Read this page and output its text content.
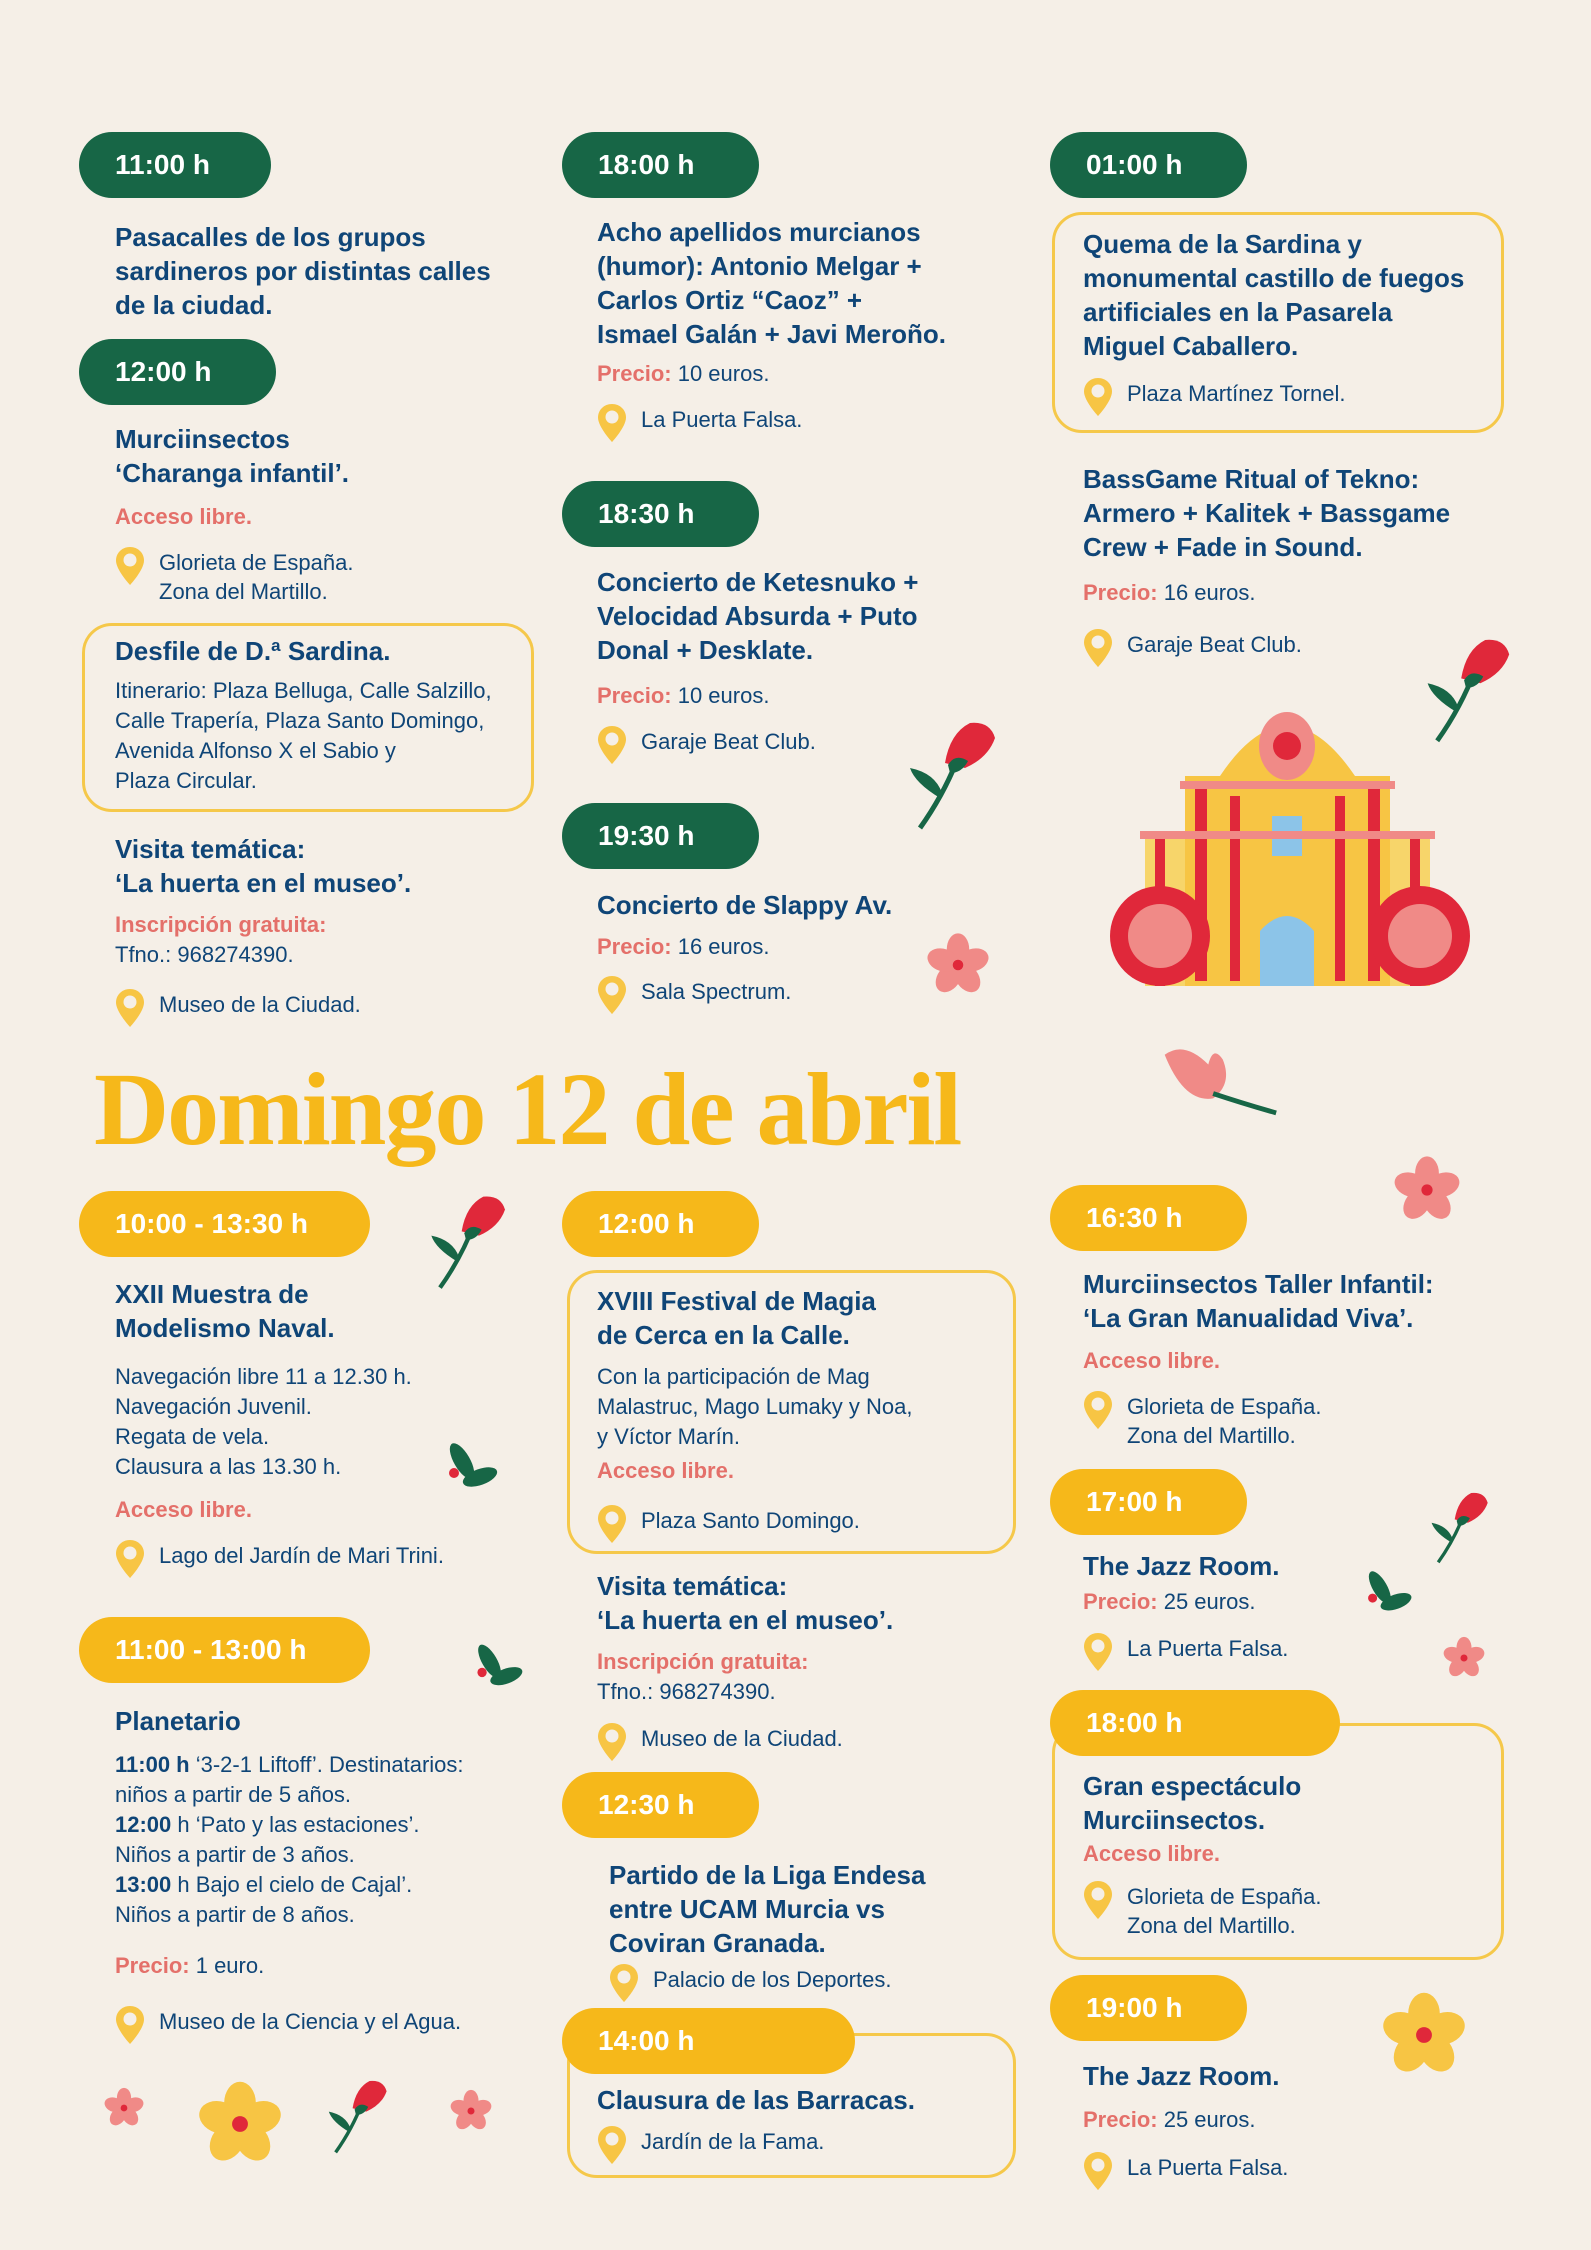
11:00 h

Pasacalles de los grupos
sardineros por distintas calles
de la ciudad.

12:00 h

Murciinsectos
‘Charanga infantil’.

Acceso libre.

Glorieta de España.
Zona del Martillo.

Desfile de D.ª Sardina.

Itinerario: Plaza Belluga, Calle Salzillo,
Calle Trapería, Plaza Santo Domingo,
Avenida Alfonso X el Sabio y
Plaza Circular.

Visita temática:
‘La huerta en el museo’.

Inscripción gratuita:

Tfno.: 968274390.

Museo de la Ciudad.
18:00 h

Acho apellidos murcianos
(humor): Antonio Melgar +
Carlos Ortiz “Caoz” +
Ismael Galán + Javi Meroño.

Precio: 10 euros.

La Puerta Falsa.
18:30 h

Concierto de Ketesnuko +
Velocidad Absurda + Puto
Donal + Desklate.

Precio: 10 euros.

Garaje Beat Club.
19:30 h

Concierto de Slappy Av.

Precio: 16 euros.

Sala Spectrum.
01:00 h

Quema de la Sardina y
monumental castillo de fuegos
artificiales en la Pasarela
Miguel Caballero.

Plaza Martínez Tornel.

BassGame Ritual of Tekno:
Armero + Kalitek + Bassgame
Crew + Fade in Sound.

Precio: 16 euros.

Garaje Beat Club.
Domingo 12 de abril
10:00 - 13:30 h

XXII Muestra de
Modelismo Naval.

Navegación libre 11 a 12.30 h.
Navegación Juvenil.
Regata de vela.
Clausura a las 13.30 h.

Acceso libre.

Lago del Jardín de Mari Trini.
11:00 - 13:00 h

Planetario

11:00 h ‘3-2-1 Liftoff’. Destinatarios:
niños a partir de 5 años.

12:00 h ‘Pato y las estaciones’.
Niños a partir de 3 años.

13:00 h Bajo el cielo de Cajal’.
Niños a partir de 8 años.

Precio: 1 euro.

Museo de la Ciencia y el Agua.
12:00 h

XVIII Festival de Magia
de Cerca en la Calle.

Con la participación de Mag
Malastruc, Mago Lumaky y Noa,
y Víctor Marín.

Acceso libre.

Plaza Santo Domingo.

Visita temática:
‘La huerta en el museo’.

Inscripción gratuita:

Tfno.: 968274390.

Museo de la Ciudad.
12:30 h

Partido de la Liga Endesa
entre UCAM Murcia vs
Coviran Granada.

Palacio de los Deportes.
14:00 h

Clausura de las Barracas.

Jardín de la Fama.
16:30 h

Murciinsectos Taller Infantil:
‘La Gran Manualidad Viva’.

Acceso libre.

Glorieta de España.
Zona del Martillo.
17:00 h

The Jazz Room.

Precio: 25 euros.

La Puerta Falsa.
18:00 h

Gran espectáculo
Murciinsectos.

Acceso libre.

Glorieta de España.
Zona del Martillo.
19:00 h

The Jazz Room.

Precio: 25 euros.

La Puerta Falsa.
